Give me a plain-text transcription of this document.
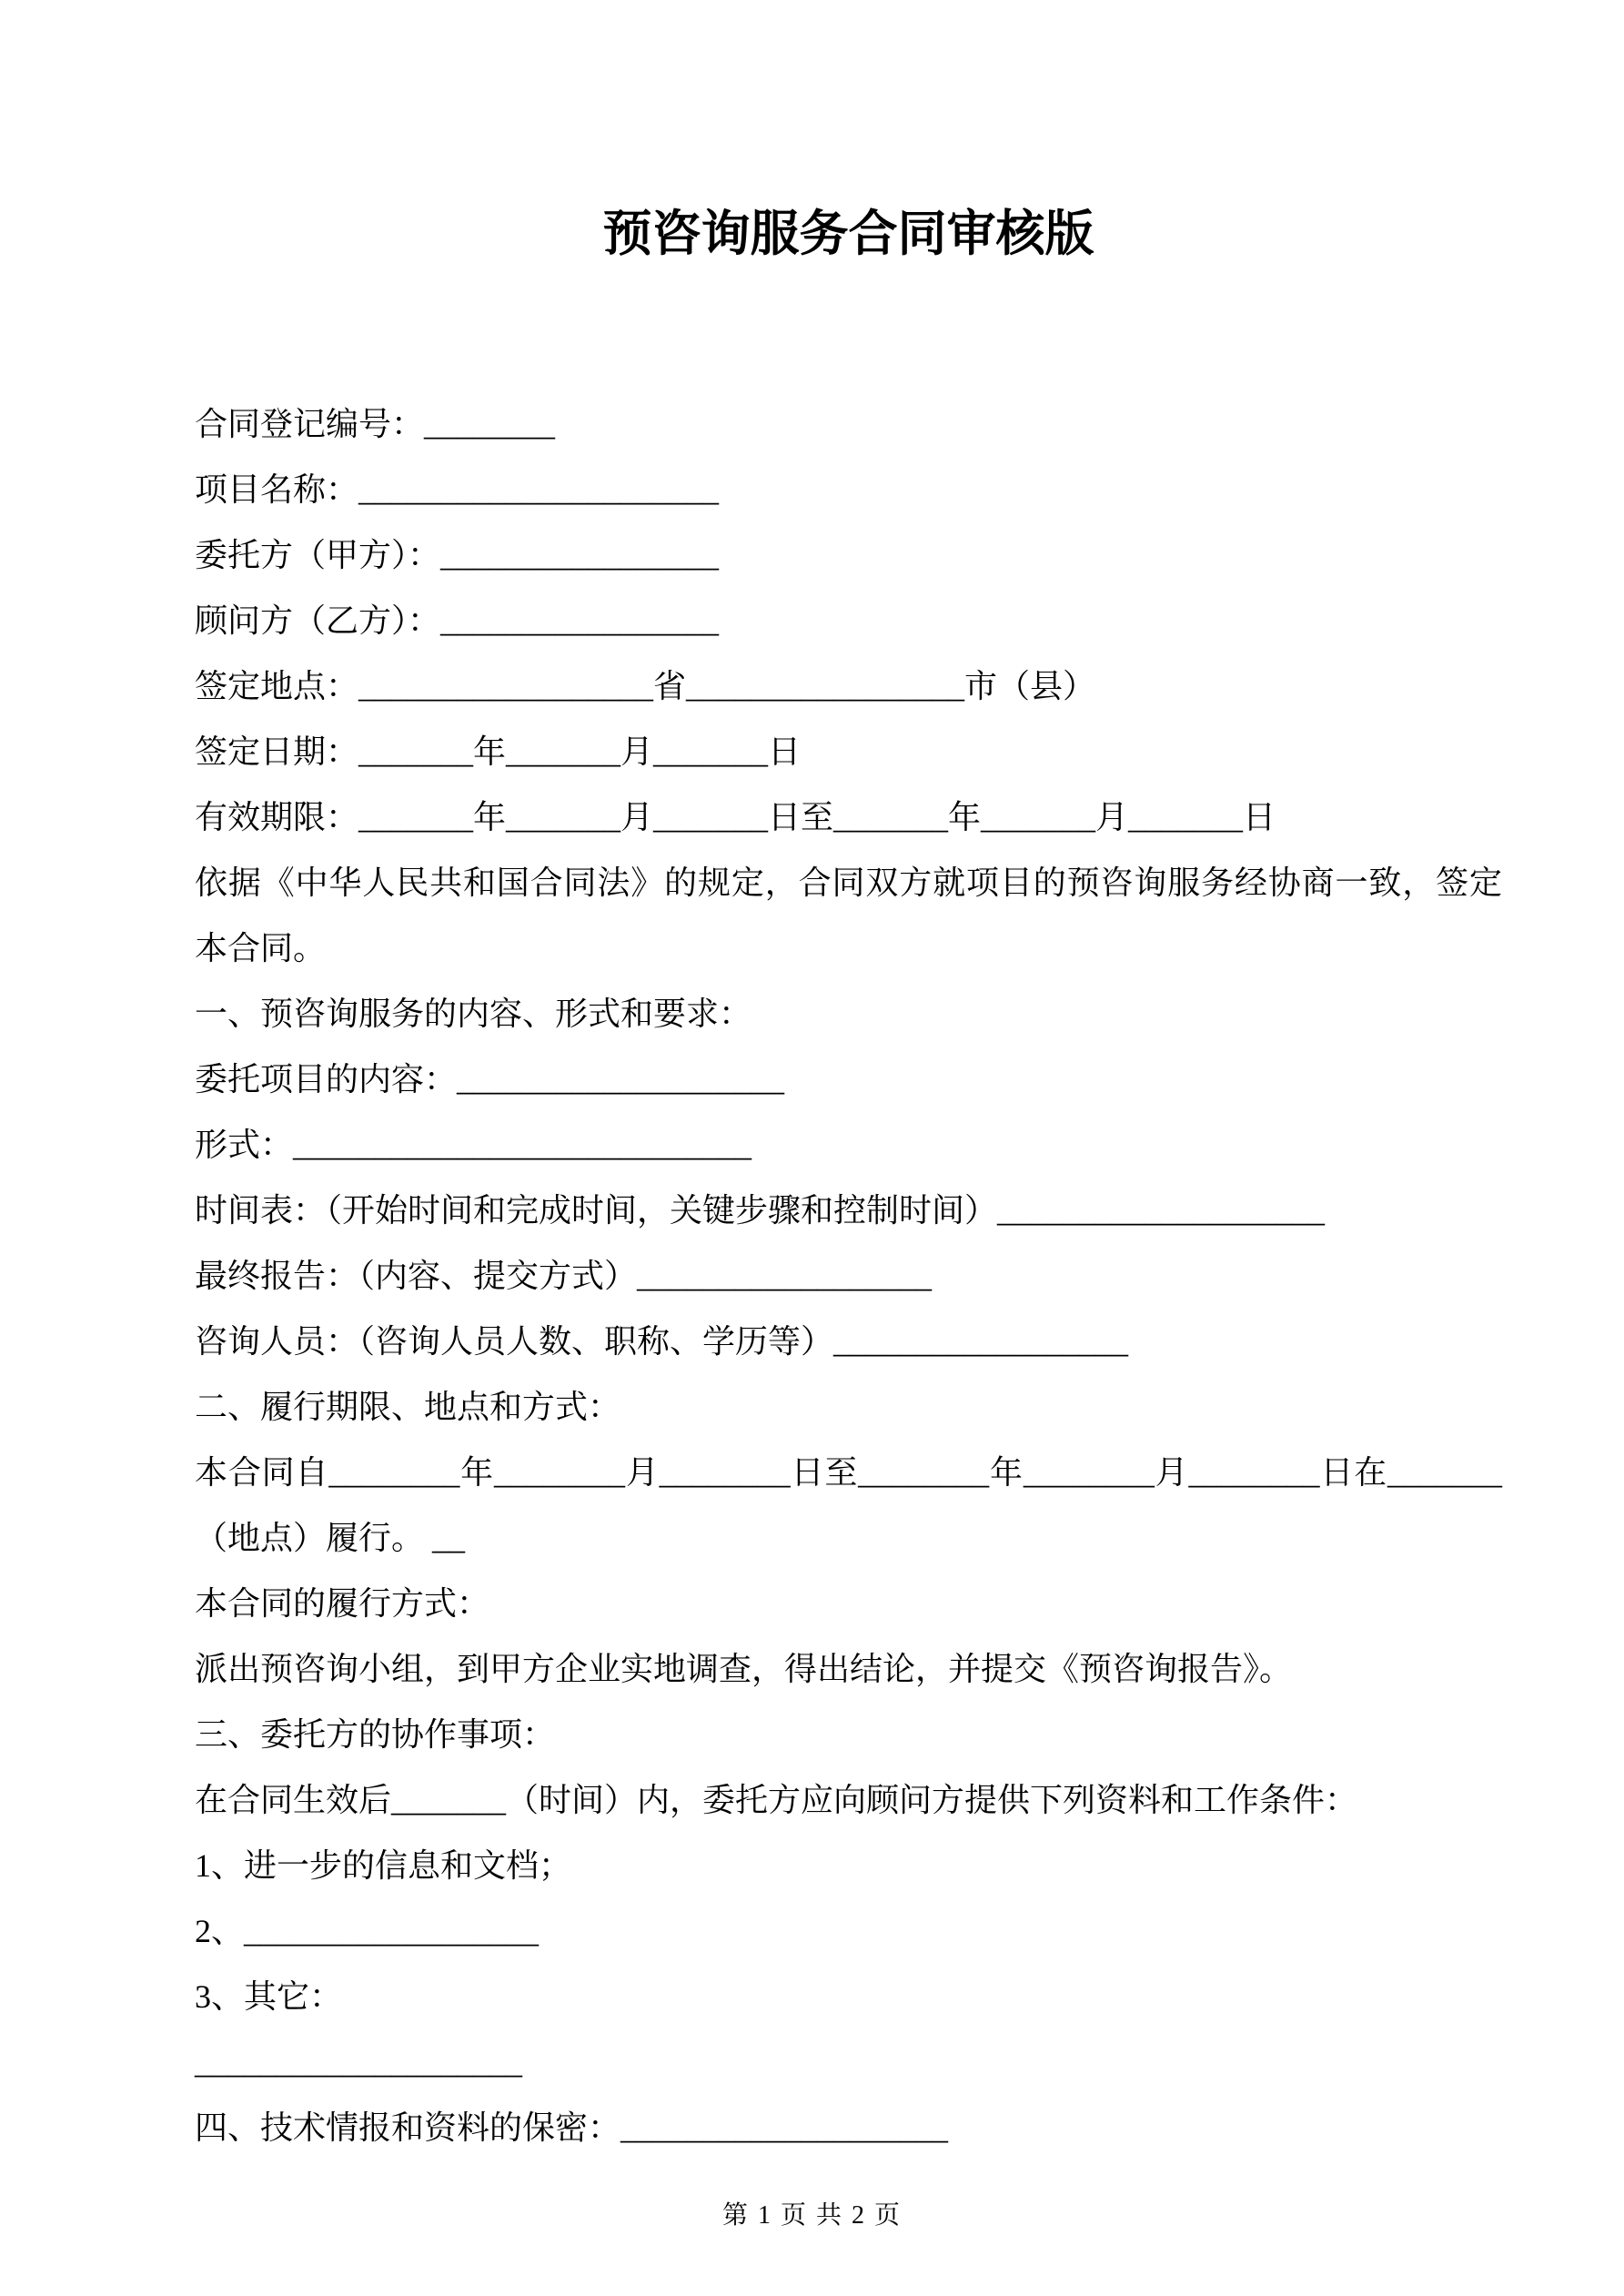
预咨询服务合同审核版

合同登记编号：________

项目名称：______________________

委托方（甲方）：_________________

顾问方（乙方）：_________________

签定地点：__________________省_________________市（县）

签定日期：_______年_______月_______日

有效期限：_______年_______月_______日至_______年_______月_______日

依据《中华人民共和国合同法》的规定，合同双方就项目的预咨询服务经协商一致，签定本合同。

一、预咨询服务的内容、形式和要求：

委托项目的内容：____________________

形式：____________________________

时间表：（开始时间和完成时间，关键步骤和控制时间）____________________

最终报告：（内容、提交方式）__________________

咨询人员：（咨询人员人数、职称、学历等）__________________

二、履行期限、地点和方式：

本合同自________年________月________日至________年________月________日在_______（地点）履行。 __

本合同的履行方式：

派出预咨询小组，到甲方企业实地调查，得出结论，并提交《预咨询报告》。

三、委托方的协作事项：

在合同生效后_______（时间）内，委托方应向顾问方提供下列资料和工作条件：

1、进一步的信息和文档；

2、__________________

3、其它：

____________________

四、技术情报和资料的保密：____________________

第 1 页 共 2 页
